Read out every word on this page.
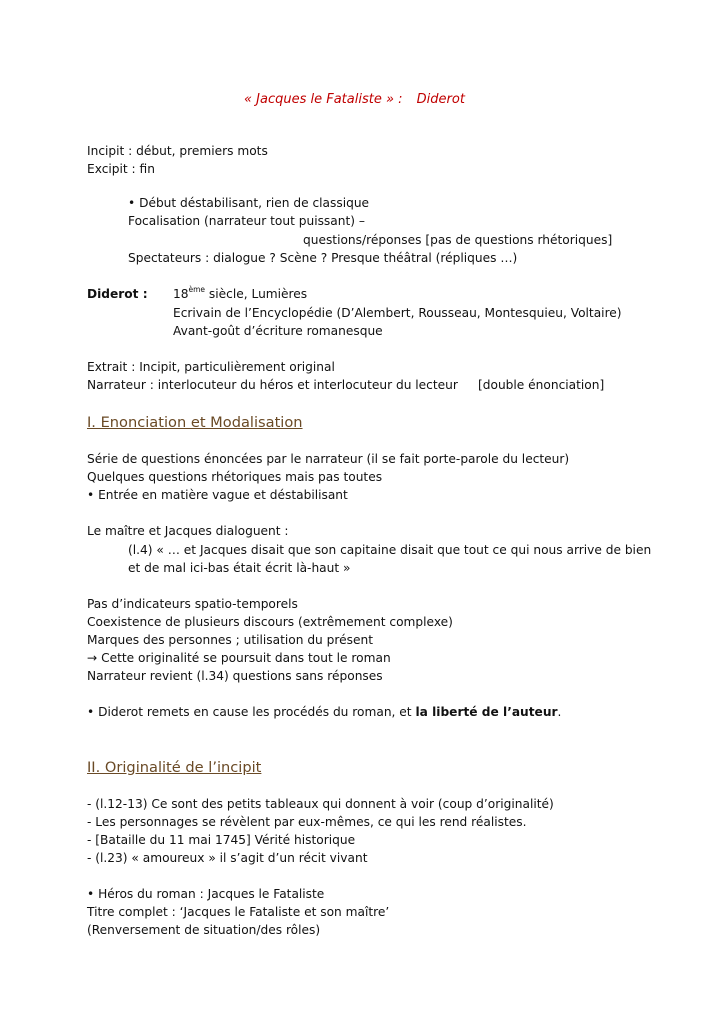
« Jacques le Fataliste » : Diderot
Incipit : début, premiers mots
Excipit : fin
• Début déstabilisant, rien de classique
Focalisation (narrateur tout puissant) –
questions/réponses [pas de questions rhétoriques]
Spectateurs : dialogue ? Scène ? Presque théâtral (répliques …)
Diderot : 18ème siècle, Lumières
Ecrivain de l’Encyclopédie (D’Alembert, Rousseau, Montesquieu, Voltaire)
Avant-goût d’écriture romanesque
Extrait : Incipit, particulièrement original
Narrateur : interlocuteur du héros et interlocuteur du lecteur [double énonciation]
I. Enonciation et Modalisation
Série de questions énoncées par le narrateur (il se fait porte-parole du lecteur)
Quelques questions rhétoriques mais pas toutes
• Entrée en matière vague et déstabilisant
Le maître et Jacques dialoguent :
(l.4) « … et Jacques disait que son capitaine disait que tout ce qui nous arrive de bien
et de mal ici-bas était écrit là-haut »
Pas d’indicateurs spatio-temporels
Coexistence de plusieurs discours (extrêmement complexe)
Marques des personnes ; utilisation du présent
→ Cette originalité se poursuit dans tout le roman
Narrateur revient (l.34) questions sans réponses
• Diderot remets en cause les procédés du roman, et la liberté de l’auteur.
II. Originalité de l’incipit
- (l.12-13) Ce sont des petits tableaux qui donnent à voir (coup d’originalité)
- Les personnages se révèlent par eux-mêmes, ce qui les rend réalistes.
- [Bataille du 11 mai 1745] Vérité historique
- (l.23) « amoureux » il s’agit d’un récit vivant
• Héros du roman : Jacques le Fataliste
Titre complet : ‘Jacques le Fataliste et son maître’
(Renversement de situation/des rôles)
